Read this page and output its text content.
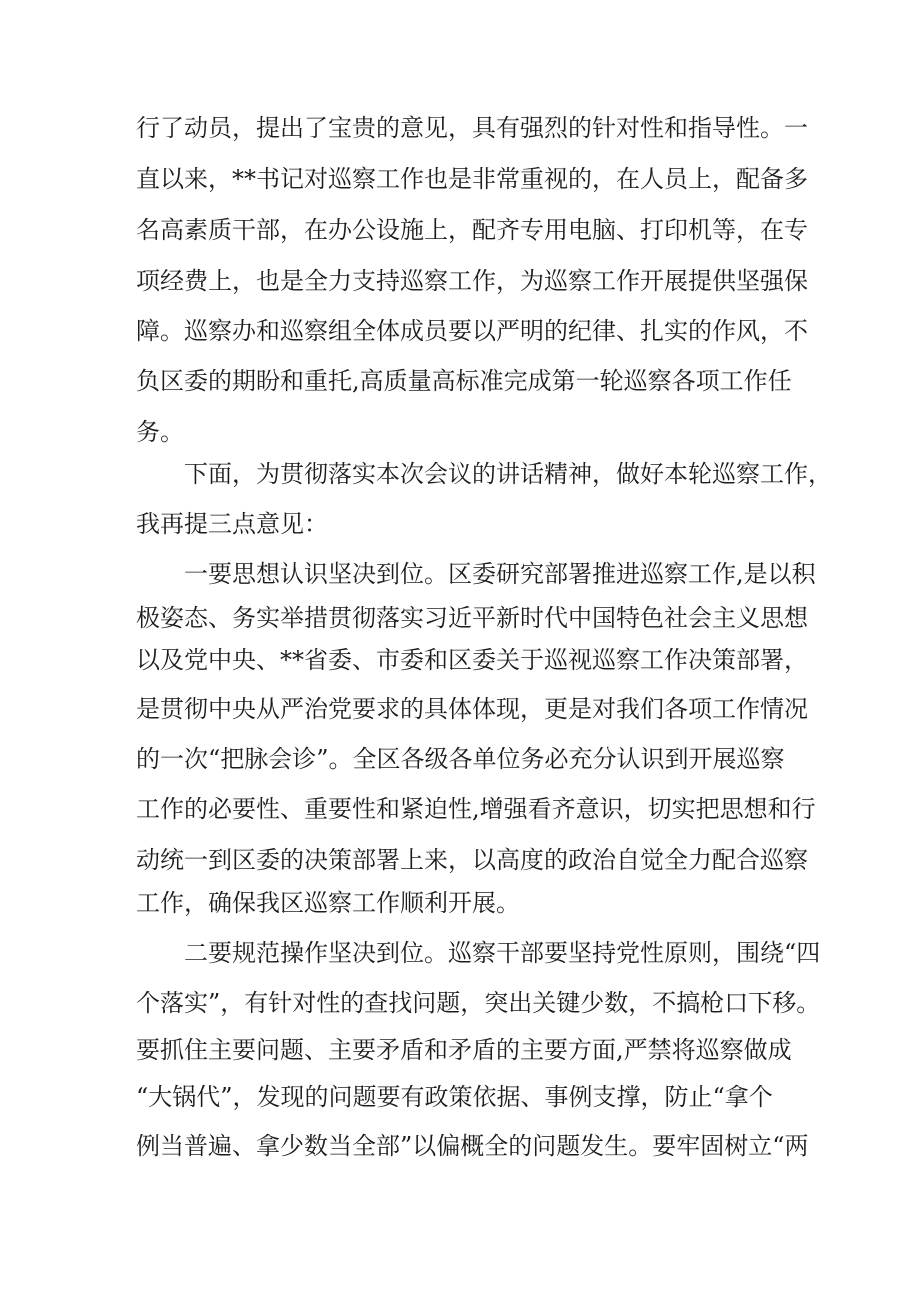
行了动员，提出了宝贵的意见，具有强烈的针对性和指导性。一
直以来，**书记对巡察工作也是非常重视的，在人员上，配备多
名高素质干部，在办公设施上，配齐专用电脑、打印机等，在专
项经费上，也是全力支持巡察工作，为巡察工作开展提供坚强保
障。巡察办和巡察组全体成员要以严明的纪律、扎实的作风，不
负区委的期盼和重托,高质量高标准完成第一轮巡察各项工作任
务。
下面，为贯彻落实本次会议的讲话精神，做好本轮巡察工作，
我再提三点意见：
一要思想认识坚决到位。区委研究部署推进巡察工作,是以积
极姿态、务实举措贯彻落实习近平新时代中国特色社会主义思想
以及党中央、**省委、市委和区委关于巡视巡察工作决策部署，
是贯彻中央从严治党要求的具体体现，更是对我们各项工作情况
的一次“把脉会诊”。全区各级各单位务必充分认识到开展巡察
工作的必要性、重要性和紧迫性,增强看齐意识，切实把思想和行
动统一到区委的决策部署上来，以高度的政治自觉全力配合巡察
工作，确保我区巡察工作顺利开展。
二要规范操作坚决到位。巡察干部要坚持党性原则，围绕“四
个落实”，有针对性的查找问题，突出关键少数，不搞枪口下移。
要抓住主要问题、主要矛盾和矛盾的主要方面,严禁将巡察做成
“大锅代”，发现的问题要有政策依据、事例支撑，防止“拿个
例当普遍、拿少数当全部”以偏概全的问题发生。要牢固树立“两
